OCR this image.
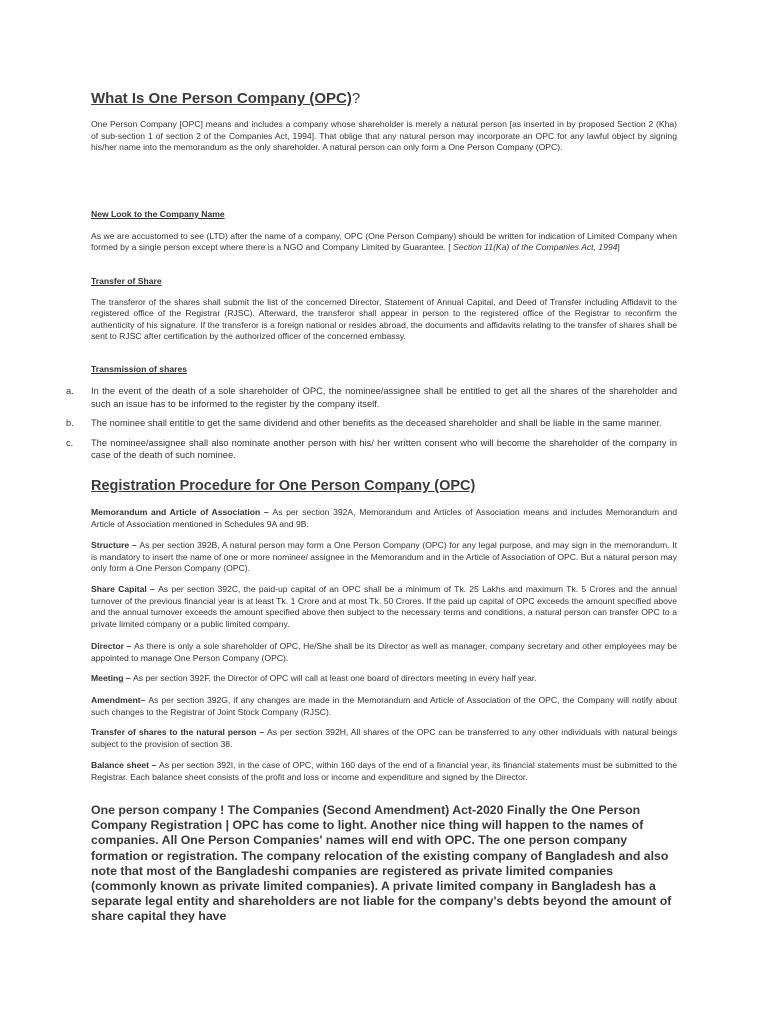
What Is One Person Company (OPC)?

One Person Company [OPC] means and includes a company whose shareholder is merely a natural person [as inserted in by proposed Section 2 (Kha) of sub-section 1 of section 2 of the Companies Act, 1994]. That oblige that any natural person may incorporate an OPC for any lawful object by signing his/her name into the memorandum as the only shareholder. A natural person can only form a One Person Company (OPC).

New Look to the Company Name

As we are accustomed to see (LTD) after the name of a company, OPC (One Person Company) should be written for indication of Limited Company when formed by a single person except where there is a NGO and Company Limited by Guarantee. [ Section 11(Ka) of the Companies Act, 1994]

Transfer of Share

The transferor of the shares shall submit the list of the concerned Director, Statement of Annual Capital, and Deed of Transfer including Affidavit to the registered office of the Registrar (RJSC). Afterward, the transferor shall appear in person to the registered office of the Registrar to reconfirm the authenticity of his signature. If the transferor is a foreign national or resides abroad, the documents and affidavits relating to the transfer of shares shall be sent to RJSC after certification by the authorized officer of the concerned embassy.

Transmission of shares

a. In the event of the death of a sole shareholder of OPC, the nominee/assignee shall be entitled to get all the shares of the shareholder and such an issue has to be informed to the register by the company itself.
b. The nominee shall entitle to get the same dividend and other benefits as the deceased shareholder and shall be liable in the same manner.
c. The nominee/assignee shall also nominate another person with his/ her written consent who will become the shareholder of the company in case of the death of such nominee.

Registration Procedure for One Person Company (OPC)

Memorandum and Article of Association – As per section 392A, Memorandum and Articles of Association means and includes Memorandum and Article of Association mentioned in Schedules 9A and 9B.

Structure – As per section 392B, A natural person may form a One Person Company (OPC) for any legal purpose, and may sign in the memorandum. It is mandatory to insert the name of one or more nominee/ assignee in the Memorandum and in the Article of Association of OPC. But a natural person may only form a One Person Company (OPC).

Share Capital – As per section 392C, the paid-up capital of an OPC shall be a minimum of Tk. 25 Lakhs and maximum Tk. 5 Crores and the annual turnover of the previous financial year is at least Tk. 1 Crore and at most Tk. 50 Crores. If the paid up capital of OPC exceeds the amount specified above and the annual turnover exceeds the amount specified above then subject to the necessary terms and conditions, a natural person can transfer OPC to a private limited company or a public limited company.

Director – As there is only a sole shareholder of OPC, He/She shall be its Director as well as manager, company secretary and other employees may be appointed to manage One Person Company (OPC).

Meeting – As per section 392F, the Director of OPC will call at least one board of directors meeting in every half year.

Amendment– As per section 392G, if any changes are made in the Memorandum and Article of Association of the OPC, the Company will notify about such changes to the Registrar of Joint Stock Company (RJSC).

Transfer of shares to the natural person – As per section 392H, All shares of the OPC can be transferred to any other individuals with natural beings subject to the provision of section 38.

Balance sheet – As per section 392I, in the case of OPC, within 160 days of the end of a financial year, its financial statements must be submitted to the Registrar. Each balance sheet consists of the profit and loss or income and expenditure and signed by the Director.

One person company ! The Companies (Second Amendment) Act-2020 Finally the One Person Company Registration | OPC has come to light. Another nice thing will happen to the names of companies. All One Person Companies' names will end with OPC. The one person company formation or registration. The company relocation of the existing company of Bangladesh and also note that most of the Bangladeshi companies are registered as private limited companies (commonly known as private limited companies). A private limited company in Bangladesh has a separate legal entity and shareholders are not liable for the company's debts beyond the amount of share capital they have
